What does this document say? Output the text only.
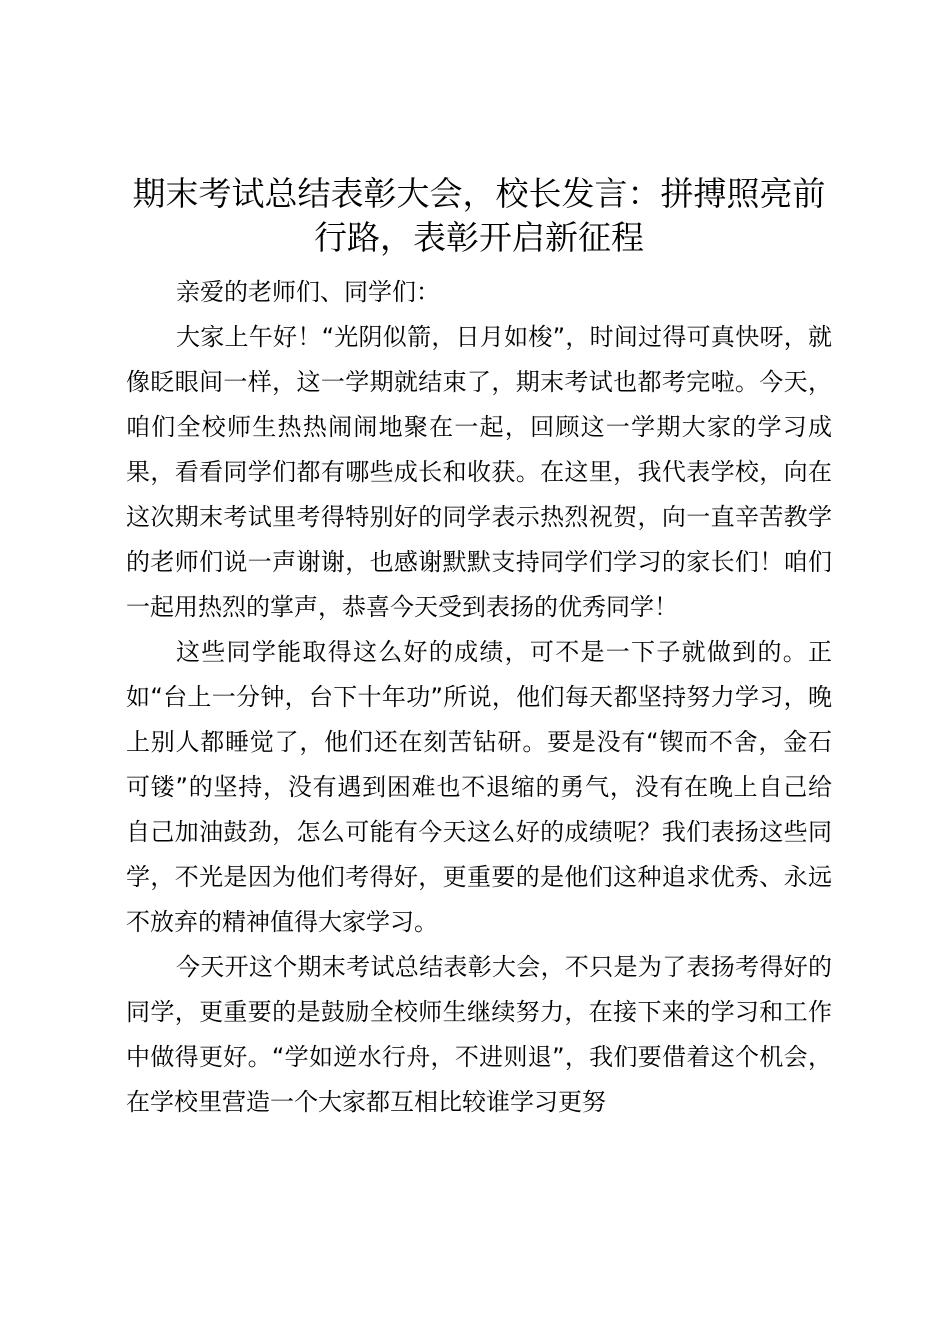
期末考试总结表彰大会，校长发言：拼搏照亮前行路，表彰开启新征程

亲爱的老师们、同学们：

大家上午好！“光阴似箭，日月如梭”，时间过得可真快呀，就像眨眼间一样，这一学期就结束了，期末考试也都考完啦。今天，咱们全校师生热热闹闹地聚在一起，回顾这一学期大家的学习成果，看看同学们都有哪些成长和收获。在这里，我代表学校，向在这次期末考试里考得特别好的同学表示热烈祝贺，向一直辛苦教学的老师们说一声谢谢，也感谢默默支持同学们学习的家长们！咱们一起用热烈的掌声，恭喜今天受到表扬的优秀同学！

这些同学能取得这么好的成绩，可不是一下子就做到的。正如“台上一分钟，台下十年功”所说，他们每天都坚持努力学习，晚上别人都睡觉了，他们还在刻苦钻研。要是没有“锲而不舍，金石可镂”的坚持，没有遇到困难也不退缩的勇气，没有在晚上自己给自己加油鼓劲，怎么可能有今天这么好的成绩呢？我们表扬这些同学，不光是因为他们考得好，更重要的是他们这种追求优秀、永远不放弃的精神值得大家学习。

今天开这个期末考试总结表彰大会，不只是为了表扬考得好的同学，更重要的是鼓励全校师生继续努力，在接下来的学习和工作中做得更好。“学如逆水行舟，不进则退”，我们要借着这个机会，在学校里营造一个大家都互相比较谁学习更努
